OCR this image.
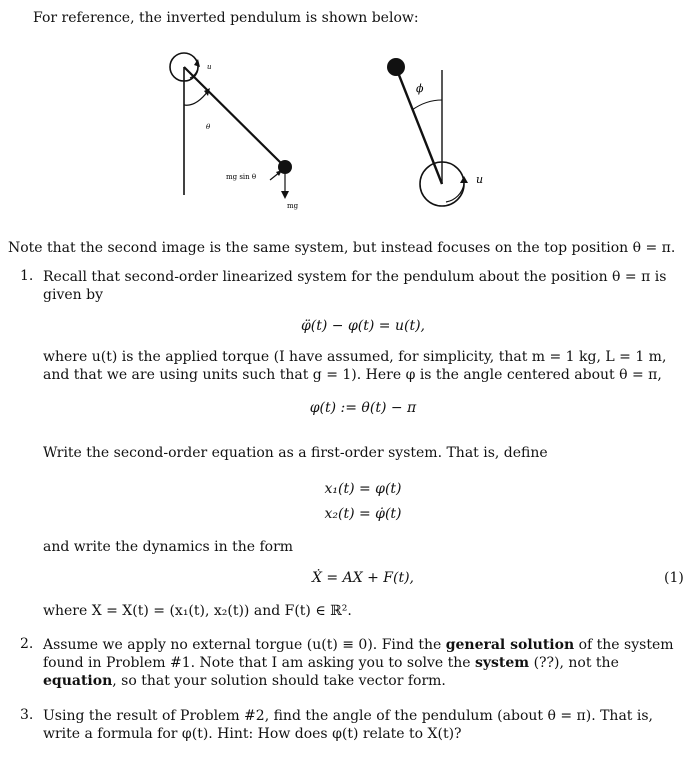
For reference, the inverted pendulum is shown below:
u
θ
mg sin θ
mg
ϕ
u
Note that the second image is the same system, but instead focuses on the top position θ = π.
1. Recall that second-order linearized system for the pendulum about the position θ = π is given by
φ̈(t) − φ(t) = u(t),
where u(t) is the applied torque (I have assumed, for simplicity, that m = 1 kg, L = 1 m, and that we are using units such that g = 1). Here φ is the angle centered about θ = π,
φ(t) := θ(t) − π
Write the second-order equation as a first-order system. That is, define
x₁(t) = φ(t)
x₂(t) = φ̇(t)
and write the dynamics in the form
Ẋ = AX + F(t),	(1)
where X = X(t) = (x₁(t), x₂(t)) and F(t) ∈ ℝ².
2. Assume we apply no external torgue (u(t) ≡ 0). Find the general solution of the system found in Problem #1. Note that I am asking you to solve the system (??), not the equation, so that your solution should take vector form.
3. Using the result of Problem #2, find the angle of the pendulum (about θ = π). That is, write a formula for φ(t). Hint: How does φ(t) relate to X(t)?
